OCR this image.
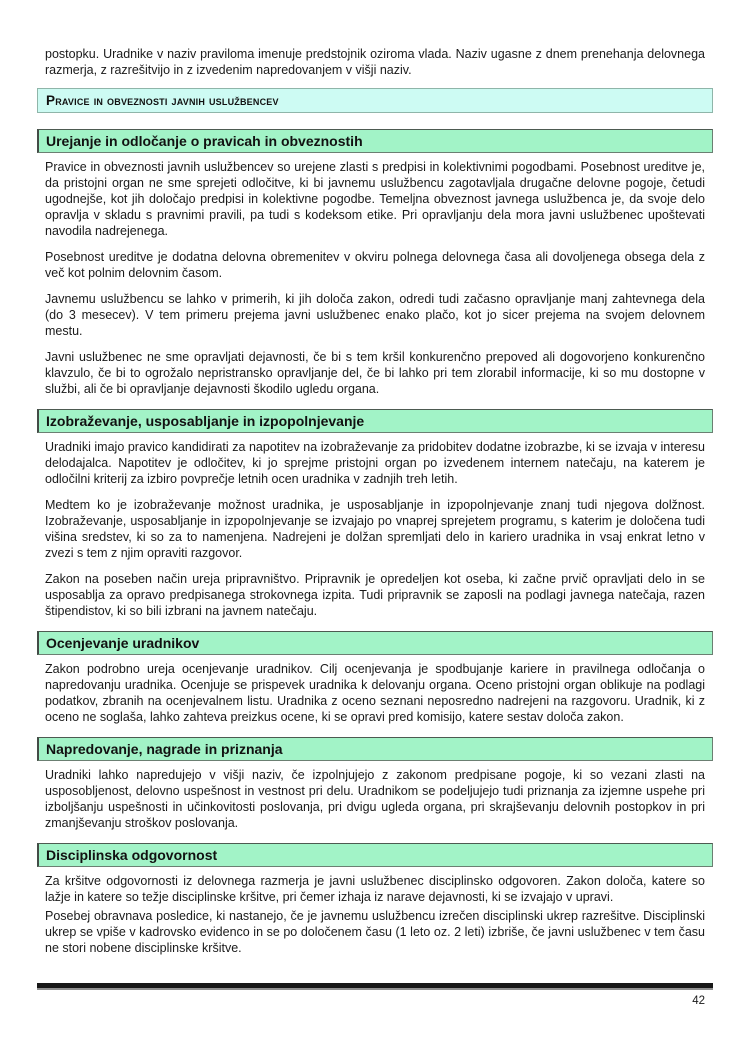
postopku. Uradnike v naziv praviloma imenuje predstojnik oziroma vlada. Naziv ugasne z dnem prenehanja delovnega razmerja, z razrešitvijo in z izvedenim napredovanjem v višji naziv.

Pravice in obveznosti javnih uslužbencev
Urejanje in odločanje o pravicah in obveznostih

Pravice in obveznosti javnih uslužbencev so urejene zlasti s predpisi in kolektivnimi pogodbami. Posebnost ureditve je, da pristojni organ ne sme sprejeti odločitve, ki bi javnemu uslužbencu zagotavljala drugačne delovne pogoje, četudi ugodnejše, kot jih določajo predpisi in kolektivne pogodbe. Temeljna obveznost javnega uslužbenca je, da svoje delo opravlja v skladu s pravnimi pravili, pa tudi s kodeksom etike. Pri opravljanju dela mora javni uslužbenec upoštevati navodila nadrejenega.

Posebnost ureditve je dodatna delovna obremenitev v okviru polnega delovnega časa ali dovoljenega obsega dela z več kot polnim delovnim časom.

Javnemu uslužbencu se lahko v primerih, ki jih določa zakon, odredi tudi začasno opravljanje manj zahtevnega dela (do 3 mesecev). V tem primeru prejema javni uslužbenec enako plačo, kot jo sicer prejema na svojem delovnem mestu.

Javni uslužbenec ne sme opravljati dejavnosti, če bi s tem kršil konkurenčno prepoved ali dogovorjeno konkurenčno klavzulo, če bi to ogrožalo nepristransko opravljanje del, če bi lahko pri tem zlorabil informacije, ki so mu dostopne v službi, ali če bi opravljanje dejavnosti škodilo ugledu organa.

Izobraževanje, usposabljanje in izpopolnjevanje

Uradniki imajo pravico kandidirati za napotitev na izobraževanje za pridobitev dodatne izobrazbe, ki se izvaja v interesu delodajalca. Napotitev je odločitev, ki jo sprejme pristojni organ po izvedenem internem natečaju, na katerem je odločilni kriterij za izbiro povprečje letnih ocen uradnika v zadnjih treh letih.

Medtem ko je izobraževanje možnost uradnika, je usposabljanje in izpopolnjevanje znanj tudi njegova dolžnost. Izobraževanje, usposabljanje in izpopolnjevanje se izvajajo po vnaprej sprejetem programu, s katerim je določena tudi višina sredstev, ki so za to namenjena. Nadrejeni je dolžan spremljati delo in kariero uradnika in vsaj enkrat letno v zvezi s tem z njim opraviti razgovor.

Zakon na poseben način ureja pripravništvo. Pripravnik je opredeljen kot oseba, ki začne prvič opravljati delo in se usposablja za opravo predpisanega strokovnega izpita. Tudi pripravnik se zaposli na podlagi javnega natečaja, razen štipendistov, ki so bili izbrani na javnem natečaju.

Ocenjevanje uradnikov

Zakon podrobno ureja ocenjevanje uradnikov. Cilj ocenjevanja je spodbujanje kariere in pravilnega odločanja o napredovanju uradnika. Ocenjuje se prispevek uradnika k delovanju organa. Oceno pristojni organ oblikuje na podlagi podatkov, zbranih na ocenjevalnem listu. Uradnika z oceno seznani neposredno nadrejeni na razgovoru. Uradnik, ki z oceno ne soglaša, lahko zahteva preizkus ocene, ki se opravi pred komisijo, katere sestav določa zakon.

Napredovanje, nagrade in priznanja

Uradniki lahko napredujejo v višji naziv, če izpolnjujejo z zakonom predpisane pogoje, ki so vezani zlasti na usposobljenost, delovno uspešnost in vestnost pri delu. Uradnikom se podeljujejo tudi priznanja za izjemne uspehe pri izboljšanju uspešnosti in učinkovitosti poslovanja, pri dvigu ugleda organa, pri skrajševanju delovnih postopkov in pri zmanjševanju stroškov poslovanja.

Disciplinska odgovornost

Za kršitve odgovornosti iz delovnega razmerja je javni uslužbenec disciplinsko odgovoren. Zakon določa, katere so lažje in katere so težje disciplinske kršitve, pri čemer izhaja iz narave dejavnosti, ki se izvajajo v upravi.

Posebej obravnava posledice, ki nastanejo, če je javnemu uslužbencu izrečen disciplinski ukrep razrešitve. Disciplinski ukrep se vpiše v kadrovsko evidenco in se po določenem času (1 leto oz. 2 leti) izbriše, če javni uslužbenec v tem času ne stori nobene disciplinske kršitve.

42
